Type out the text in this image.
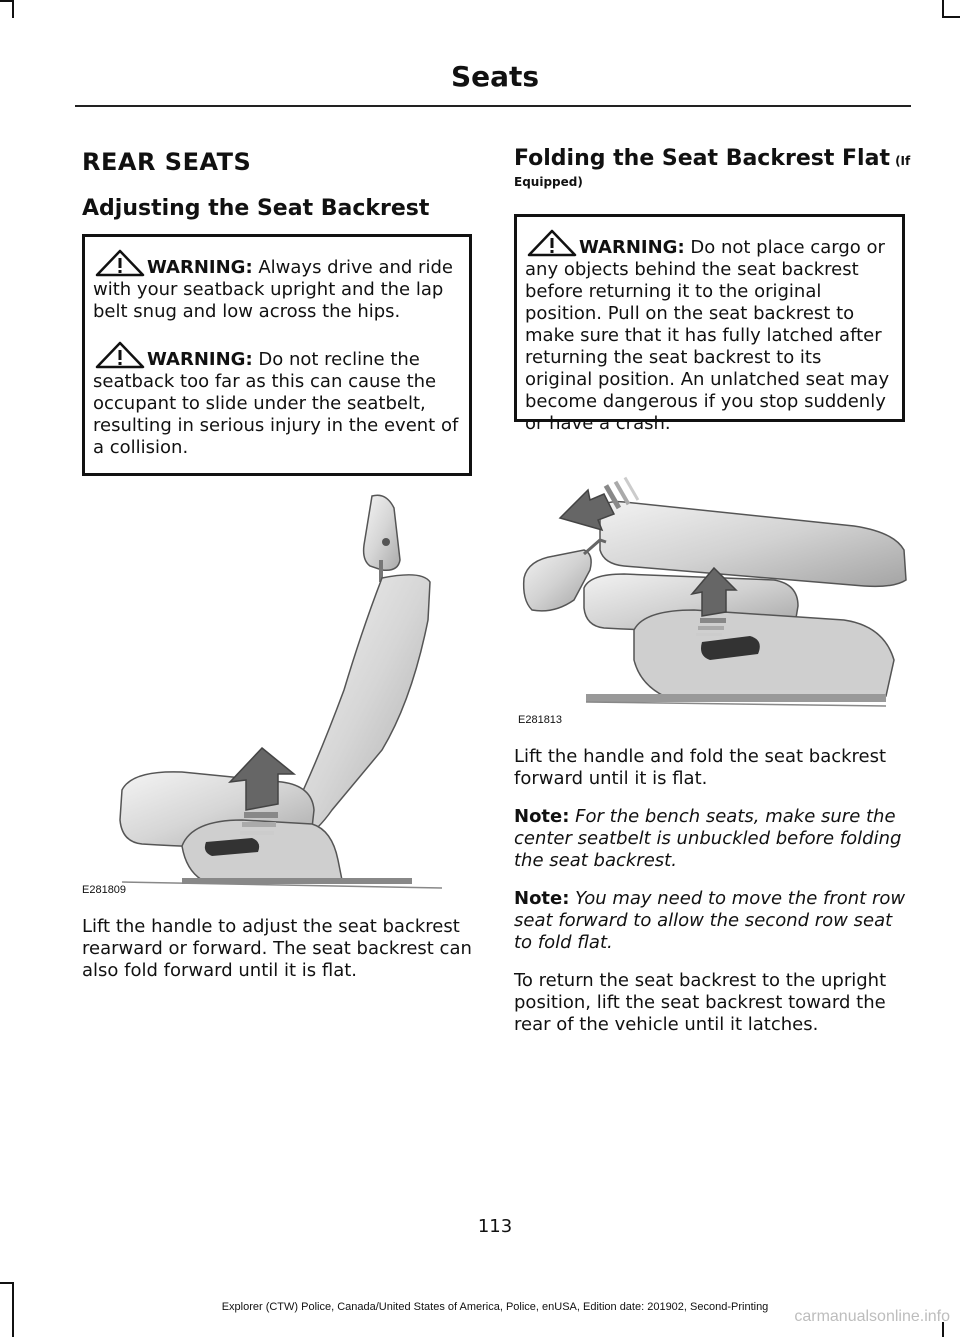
Seats
REAR SEATS
Adjusting the Seat Backrest

WARNING: Always drive and ride with your seatback upright and the lap belt snug and low across the hips.

WARNING: Do not recline the seatback too far as this can cause the occupant to slide under the seatbelt, resulting in serious injury in the event of a collision.

E281809

Lift the handle to adjust the seat backrest rearward or forward. The seat backrest can also fold forward until it is flat.

Folding the Seat Backrest Flat (If Equipped)

WARNING: Do not place cargo or any objects behind the seat backrest before returning it to the original position. Pull on the seat backrest to make sure that it has fully latched after returning the seat backrest to its original position. An unlatched seat may become dangerous if you stop suddenly or have a crash.

E281813

Lift the handle and fold the seat backrest forward until it is flat.

Note: For the bench seats, make sure the center seatbelt is unbuckled before folding the seat backrest.

Note: You may need to move the front row seat forward to allow the second row seat to fold flat.

To return the seat backrest to the upright position, lift the seat backrest toward the rear of the vehicle until it latches.

113
Explorer (CTW) Police, Canada/United States of America, Police, enUSA, Edition date: 201902, Second-Printing
carmanualsonline.info
